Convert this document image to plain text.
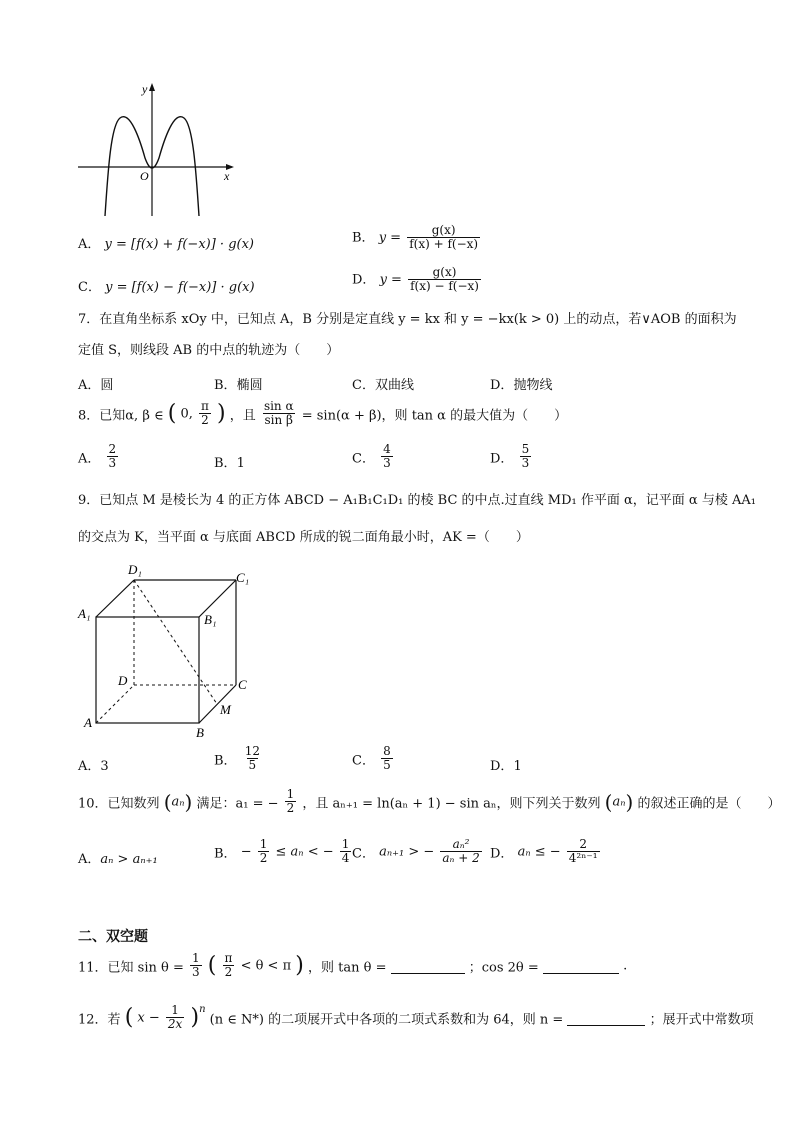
y
x
O
A． y = [f(x) + f(−x)] · g(x)	B． $y = \frac{g(x)}{f(x) + f(-x)}$
C． y = [f(x) − f(−x)] · g(x)
D． $y = \frac{g(x)}{f(x) - f(-x)}$
7．在直角坐标系 xOy 中，已知点 A，B 分别是定直线 y = kx 和 y = −kx(k > 0) 上的动点，若∨AOB 的面积为
定值 S，则线段 AB 的中点的轨迹为（　　）
A．圆	B．椭圆	C．双曲线	D．抛物线
8．已知α, β ∈ ( 0, $\frac{\pi}{2}$ ) ，且 $\frac{\text{sin α}}{\text{sin β}} = \sin(\alpha + \beta)$，则 tan α 的最大值为（　　）
A． $\frac{2}{3}$	B．1	C． $\frac{4}{3}$	D． $\frac{5}{3}$
9．已知点 M 是棱长为 4 的正方体 ABCD − A₁B₁C₁D₁ 的棱 BC 的中点.过直线 MD₁ 作平面 α，记平面 α 与棱 AA₁
的交点为 K，当平面 α 与底面 ABCD 所成的锐二面角最小时，AK =（　　）
D₁
C₁
A₁	B₁
D	C
A
B
M
A．3	B． $\frac{12}{5}$	C． $\frac{8}{5}$	D．1
10．已知数列 (aₙ) 满足：a₁ = − $\frac{1}{2}$ ，且 aₙ₊₁ = ln(aₙ + 1) − sin aₙ，则下列关于数列 (aₙ) 的叙述正确的是（　　）
A．aₙ > aₙ₊₁	B． − $\frac{1}{2} \le a_n$ < − $\frac{1}{4}$ C． aₙ₊₁ > − $\frac{\text{aₙ²}}{\text{aₙ + 2}}$ D． aₙ ≤ − $\frac{2}{\text{4²ⁿ⁻¹}}$
二、双空题
11．已知 $\sin \theta = \frac{1}{3}$ ( $\frac{\pi}{2} < \theta < \pi$ ) ，则 tan θ =	；cos 2θ =	.
12．若 ( $x - \frac{1}{2x} )^n$ (n ∈ N*) 的二项展开式中各项的二项式系数和为 64，则 n =	；展开式中常数项
